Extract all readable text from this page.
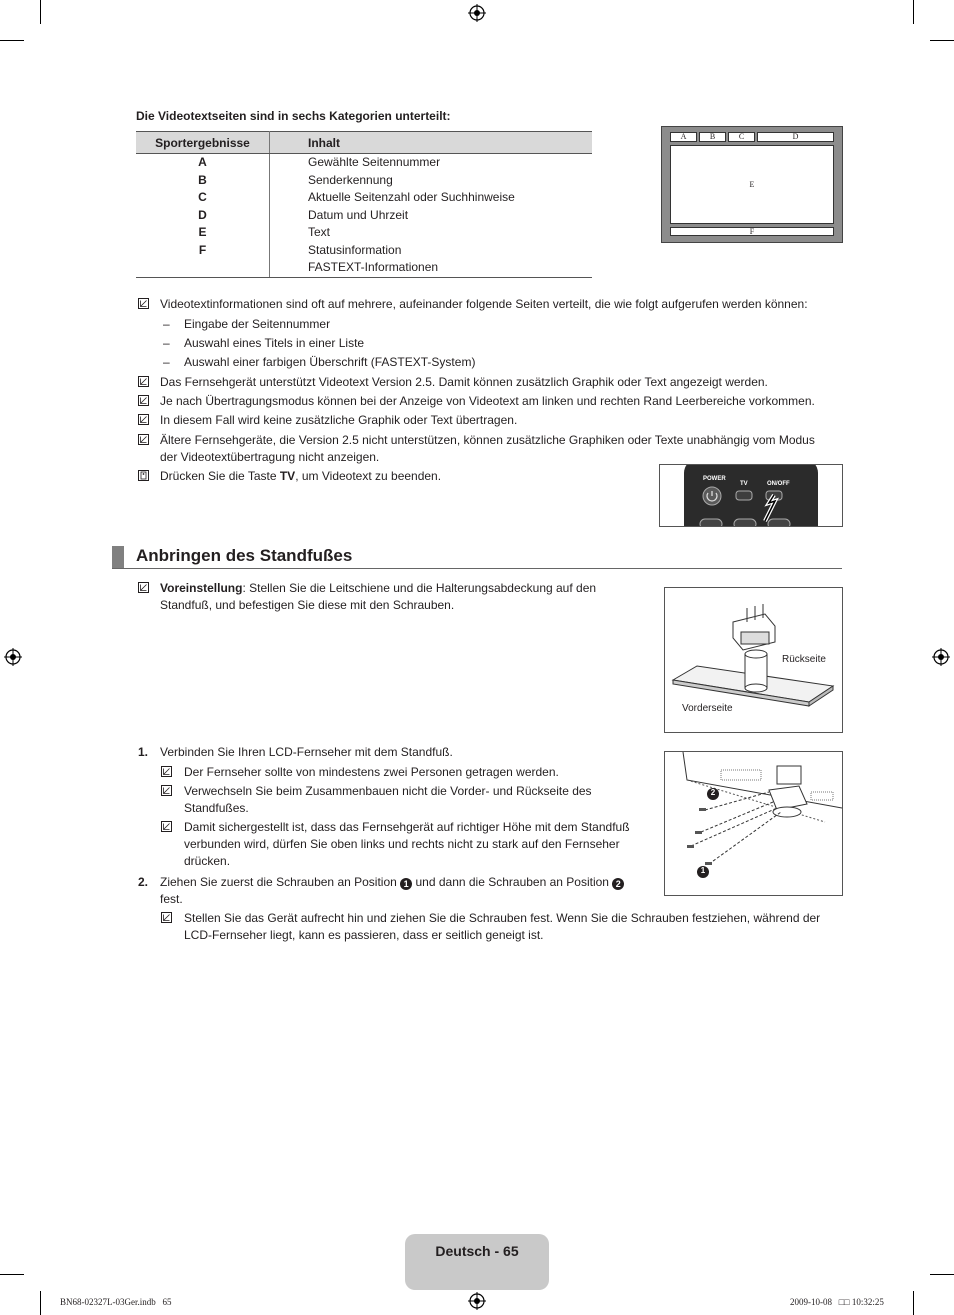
Die Videotextseiten sind in sechs Kategorien unterteilt:
Sportergebnisse	Inhalt
A	Gewählte Seitennummer
B	Senderkennung
C	Aktuelle Seitenzahl oder Suchhinweise
D	Datum und Uhrzeit
E	Text
F	Statusinformation
	FASTEXT-Informationen
A	B	C	D
E
F
Videotextinformationen sind oft auf mehrere, aufeinander folgende Seiten verteilt, die wie folgt aufgerufen werden können:
– Eingabe der Seitennummer
– Auswahl eines Titels in einer Liste
– Auswahl einer farbigen Überschrift (FASTEXT-System)
Das Fernsehgerät unterstützt Videotext Version 2.5. Damit können zusätzlich Graphik oder Text angezeigt werden.
Je nach Übertragungsmodus können bei der Anzeige von Videotext am linken und rechten Rand Leerbereiche vorkommen.
In diesem Fall wird keine zusätzliche Graphik oder Text übertragen.
Ältere Fernsehgeräte, die Version 2.5 nicht unterstützen, können zusätzliche Graphiken oder Texte unabhängig vom Modus
der Videotextübertragung nicht anzeigen.
Drücken Sie die Taste TV, um Videotext zu beenden.	POWER
TV	ON/OFF
Anbringen des Standfußes
Voreinstellung: Stellen Sie die Leitschiene und die Halterungsabdeckung auf den
Standfuß, und befestigen Sie diese mit den Schrauben.
Rückseite
Vorderseite
1. Verbinden Sie Ihren LCD-Fernseher mit dem Standfuß.
Der Fernseher sollte von mindestens zwei Personen getragen werden.
Verwechseln Sie beim Zusammenbauen nicht die Vorder- und Rückseite des
Standfußes.
Damit sichergestellt ist, dass das Fernsehgerät auf richtiger Höhe mit dem Standfuß
verbunden wird, dürfen Sie oben links und rechts nicht zu stark auf den Fernseher
drücken.
2. Ziehen Sie zuerst die Schrauben an Position 1 und dann die Schrauben an Position 2
fest.
Stellen Sie das Gerät aufrecht hin und ziehen Sie die Schrauben fest. Wenn Sie die Schrauben festziehen, während der
LCD-Fernseher liegt, kann es passieren, dass er seitlich geneigt ist.
2
1
Deutsch - 65
BN68-02327L-03Ger.indb   65	2009-10-08   □□ 10:32:25
